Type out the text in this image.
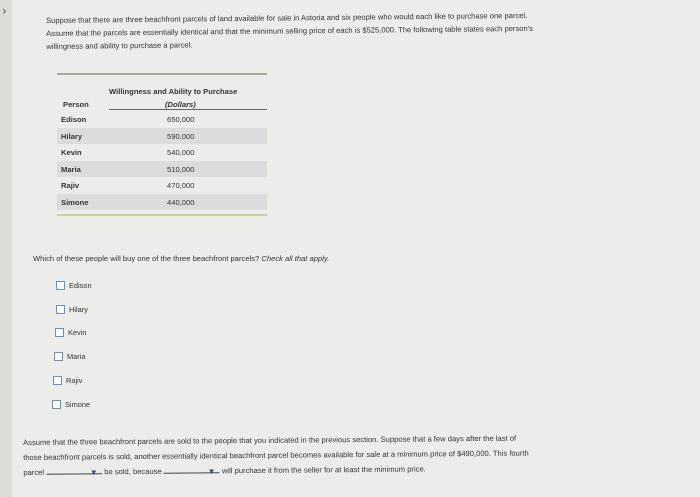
›	Suppose that there are three beachfront parcels of land available for sale in Astoria and six people who would each like to purchase one parcel.
Assume that the parcels are essentially identical and that the minimum selling price of each is $525,000. The following table states each person's
willingness and ability to purchase a parcel.
Willingness and Ability to Purchase
Person	(Dollars)
Edison	650,000
Hilary	590,000
Kevin	540,000
Maria	510,000
Rajiv	470,000
Simone	440,000
Which of these people will buy one of the three beachfront parcels? Check all that apply.
Edison
Hilary
Kevin
Maria
Rajiv
Simone
Assume that the three beachfront parcels are sold to the people that you indicated in the previous section. Suppose that a few days after the last of
those beachfront parcels is sold, another essentially identical beachfront parcel becomes available for sale at a minimum price of $490,000. This fourth
parcel	▼ be sold, because	▼ will purchase it from the seller for at least the minimum price.
